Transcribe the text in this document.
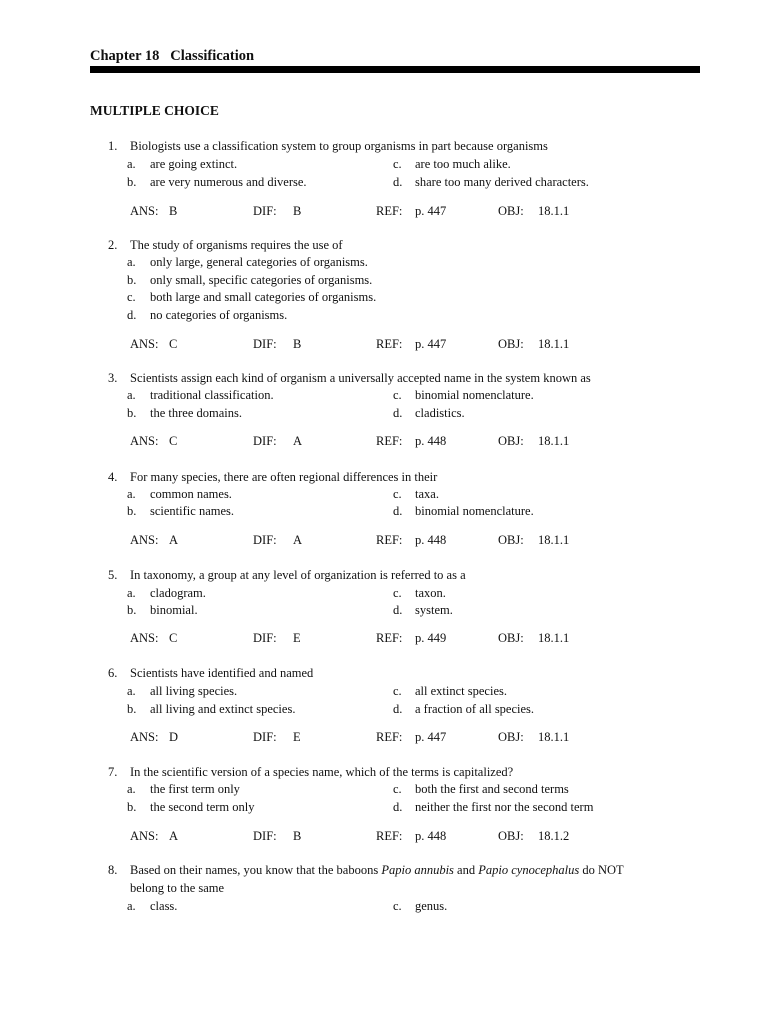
Chapter 18 Classification
MULTIPLE CHOICE
1. Biologists use a classification system to group organisms in part because organisms
a. are going extinct.	c. are too much alike.
b. are very numerous and diverse.	d. share too many derived characters.
ANS: B	DIF: B	REF: p. 447	OBJ: 18.1.1
2. The study of organisms requires the use of
a. only large, general categories of organisms.
b. only small, specific categories of organisms.
c. both large and small categories of organisms.
d. no categories of organisms.
ANS: C	DIF: B	REF: p. 447	OBJ: 18.1.1
3. Scientists assign each kind of organism a universally accepted name in the system known as
a. traditional classification.	c. binomial nomenclature.
b. the three domains.	d. cladistics.
ANS: C	DIF: A	REF: p. 448	OBJ: 18.1.1
4. For many species, there are often regional differences in their
a. common names.	c. taxa.
b. scientific names.	d. binomial nomenclature.
ANS: A	DIF: A	REF: p. 448	OBJ: 18.1.1
5. In taxonomy, a group at any level of organization is referred to as a
a. cladogram.	c. taxon.
b. binomial.	d. system.
ANS: C	DIF: E	REF: p. 449	OBJ: 18.1.1
6. Scientists have identified and named
a. all living species.	c. all extinct species.
b. all living and extinct species.	d. a fraction of all species.
ANS: D	DIF: E	REF: p. 447	OBJ: 18.1.1
7. In the scientific version of a species name, which of the terms is capitalized?
a. the first term only	c. both the first and second terms
b. the second term only	d. neither the first nor the second term
ANS: A	DIF: B	REF: p. 448	OBJ: 18.1.2
8. Based on their names, you know that the baboons Papio annubis and Papio cynocephalus do NOT
belong to the same
a. class.	c. genus.
